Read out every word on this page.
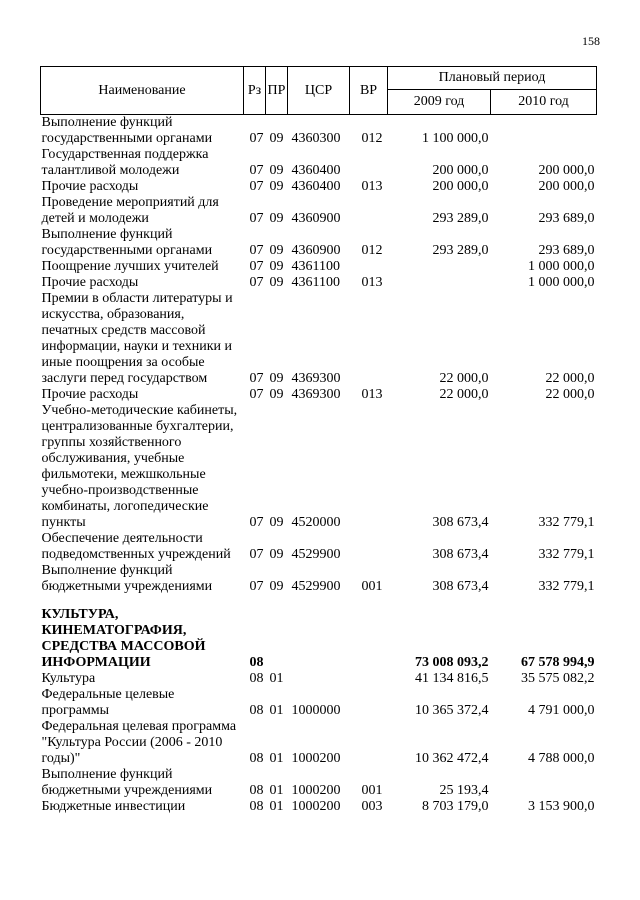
158
Наименование	Рз	ПР	ЦСР	ВР	Плановый период	
					2009 год	2010 год
Выполнение функций государственными органами	07	09	4360300	012	1 100 000,0	
Государственная поддержка талантливой молодежи	07	09	4360400		200 000,0	200 000,0
Прочие расходы	07	09	4360400	013	200 000,0	200 000,0
Проведение мероприятий для детей и молодежи	07	09	4360900		293 289,0	293 689,0
Выполнение функций государственными органами	07	09	4360900	012	293 289,0	293 689,0
Поощрение лучших учителей	07	09	4361100			1 000 000,0
Прочие расходы	07	09	4361100	013		1 000 000,0
Премии в области литературы и искусства, образования, печатных средств массовой информации, науки и техники и иные поощрения за особые заслуги перед государством	07	09	4369300		22 000,0	22 000,0
Прочие расходы	07	09	4369300	013	22 000,0	22 000,0
Учебно-методические кабинеты, централизованные бухгалтерии, группы хозяйственного обслуживания, учебные фильмотеки, межшкольные учебно-производственные комбинаты, логопедические пункты	07	09	4520000		308 673,4	332 779,1
Обеспечение деятельности подведомственных учреждений	07	09	4529900		308 673,4	332 779,1
Выполнение функций бюджетными учреждениями	07	09	4529900	001	308 673,4	332 779,1

КУЛЬТУРА, КИНЕМАТОГРАФИЯ, СРЕДСТВА МАССОВОЙ ИНФОРМАЦИИ	08				73 008 093,2	67 578 994,9
Культура	08	01			41 134 816,5	35 575 082,2
Федеральные целевые программы	08	01	1000000		10 365 372,4	4 791 000,0
Федеральная целевая программа "Культура России (2006 - 2010 годы)"	08	01	1000200		10 362 472,4	4 788 000,0
Выполнение функций бюджетными учреждениями	08	01	1000200	001	25 193,4	
Бюджетные инвестиции	08	01	1000200	003	8 703 179,0	3 153 900,0
